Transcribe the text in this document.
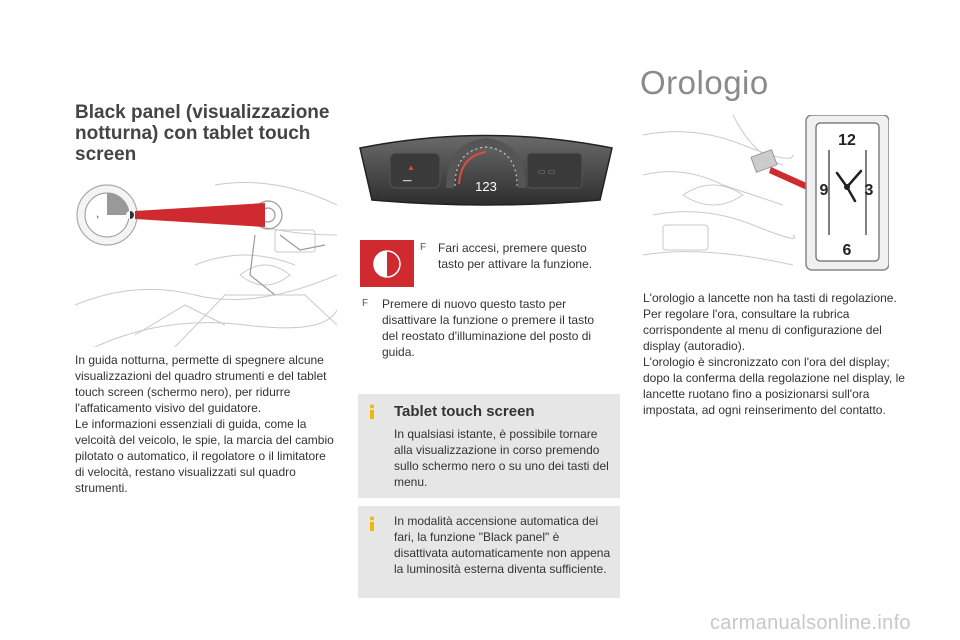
Black panel (visualizzazione notturna) con tablet touch screen
◑

In guida notturna, permette di spegnere alcune visualizzazioni del quadro strumenti e del tablet touch screen (schermo nero), per ridurre l'affaticamento visivo del guidatore.

Le informazioni essenziali di guida, come la velcoità del veicolo, le spie, la marcia del cambio pilotato o automatico, il regolatore o il limitatore di velocità, restano visualizzati sul quadro strumenti.

▲
━━
▭ ▭
123
F Fari accesi, premere questo tasto per attivare la funzione.
F	Premere di nuovo questo tasto per disattivare la funzione o premere il tasto del reostato d'illuminazione del posto di guida.
Tablet touch screen
In qualsiasi istante, è possibile tornare alla visualizzazione in corso premendo sullo schermo nero o su uno dei tasti del menu.
In modalità accensione automatica dei fari, la funzione "Black panel" è disattivata automaticamente non appena la luminosità esterna diventa sufficiente.
Orologio
12
3
6
9

L'orologio a lancette non ha tasti di regolazione. Per regolare l'ora, consultare la rubrica corrispondente al menu di configurazione del display (autoradio).

L'orologio è sincronizzato con l'ora del display; dopo la conferma della regolazione nel display, le lancette ruotano fino a posizionarsi sull'ora impostata, ad ogni reinserimento del contatto.

carmanualsonline.info
